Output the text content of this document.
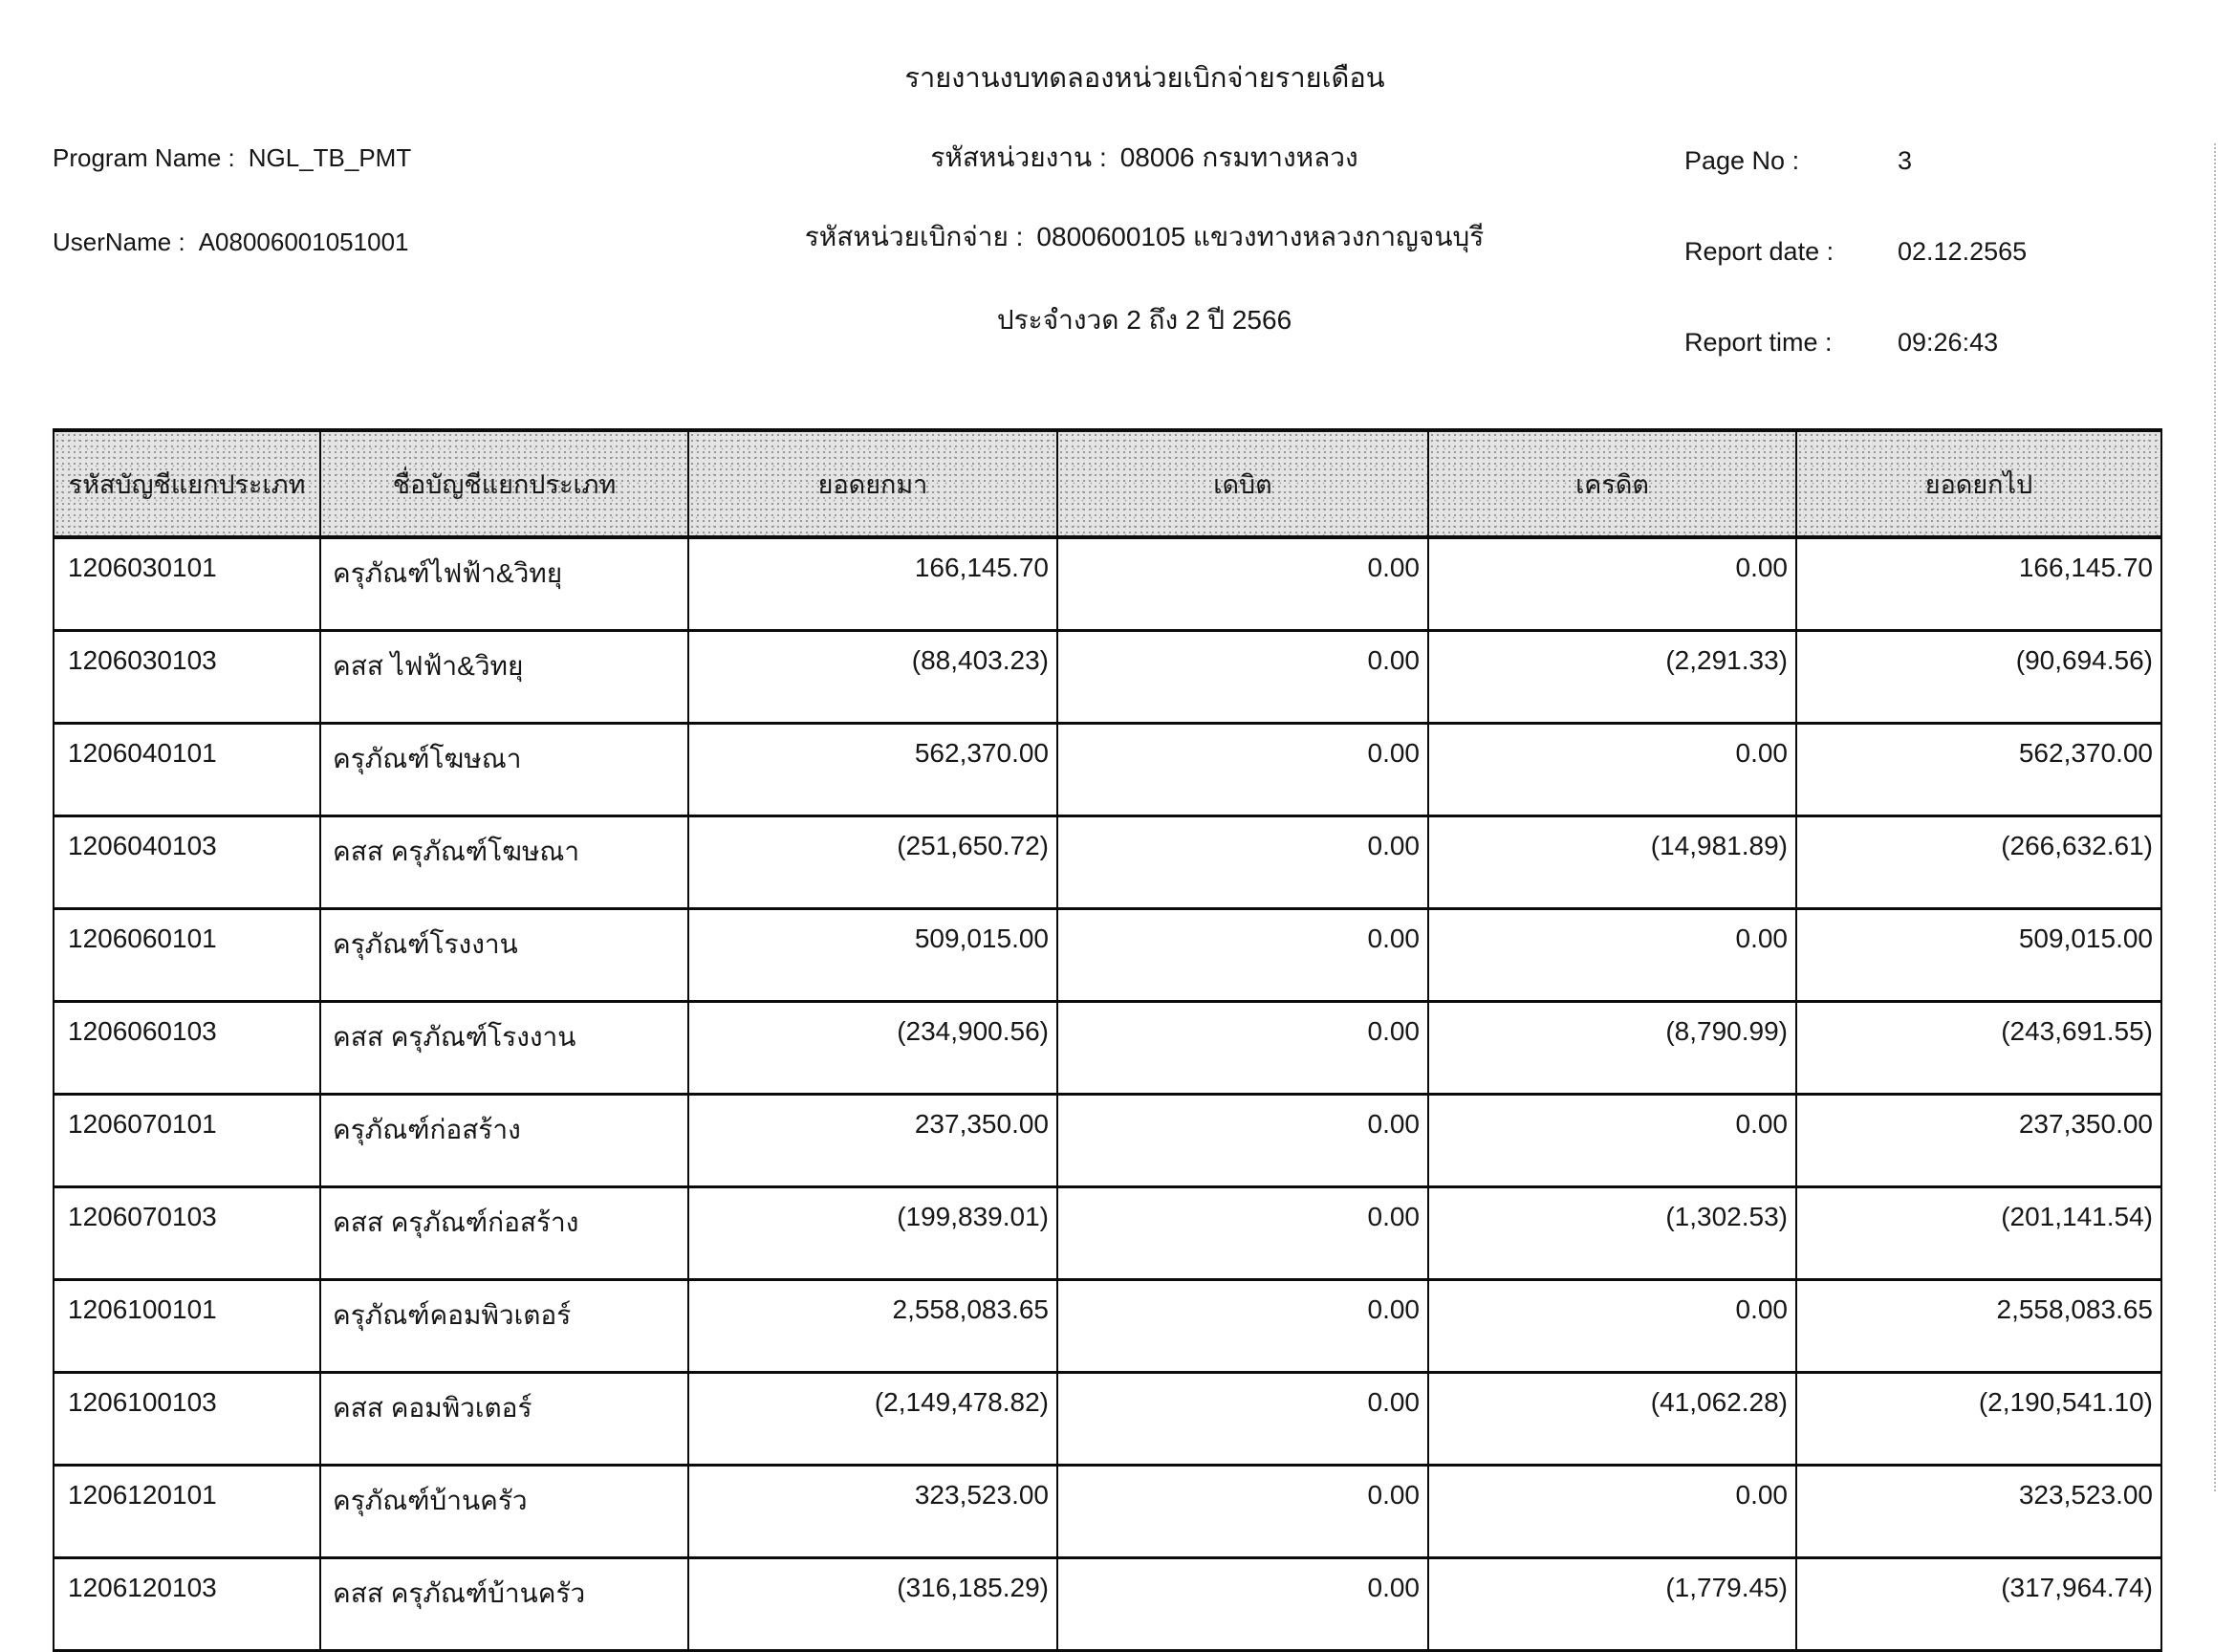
รายงานงบทดลองหน่วยเบิกจ่ายรายเดือน
Program Name : NGL_TB_PMT
UserName : A08006001051001
รหัสหน่วยงาน : 08006 กรมทางหลวง
รหัสหน่วยเบิกจ่าย : 0800600105 แขวงทางหลวงกาญจนบุรี
ประจำงวด 2 ถึง 2 ปี 2566
Page No :	3
Report date : 02.12.2565
Report time :	09:26:43
รหัสบัญชีแยกประเภท	ชื่อบัญชีแยกประเภท	ยอดยกมา	เดบิต	เครดิต	ยอดยกไป
1206030101	ครุภัณฑ์ไฟฟ้า&วิทยุ	166,145.70	0.00	0.00	166,145.70
1206030103	คสส ไฟฟ้า&วิทยุ	(88,403.23)	0.00	(2,291.33)	(90,694.56)
1206040101	ครุภัณฑ์โฆษณา	562,370.00	0.00	0.00	562,370.00
1206040103	คสส ครุภัณฑ์โฆษณา	(251,650.72)	0.00	(14,981.89)	(266,632.61)
1206060101	ครุภัณฑ์โรงงาน	509,015.00	0.00	0.00	509,015.00
1206060103	คสส ครุภัณฑ์โรงงาน	(234,900.56)	0.00	(8,790.99)	(243,691.55)
1206070101	ครุภัณฑ์ก่อสร้าง	237,350.00	0.00	0.00	237,350.00
1206070103	คสส ครุภัณฑ์ก่อสร้าง	(199,839.01)	0.00	(1,302.53)	(201,141.54)
1206100101	ครุภัณฑ์คอมพิวเตอร์	2,558,083.65	0.00	0.00	2,558,083.65
1206100103	คสส คอมพิวเตอร์	(2,149,478.82)	0.00	(41,062.28)	(2,190,541.10)
1206120101	ครุภัณฑ์บ้านครัว	323,523.00	0.00	0.00	323,523.00
1206120103	คสส ครุภัณฑ์บ้านครัว	(316,185.29)	0.00	(1,779.45)	(317,964.74)
